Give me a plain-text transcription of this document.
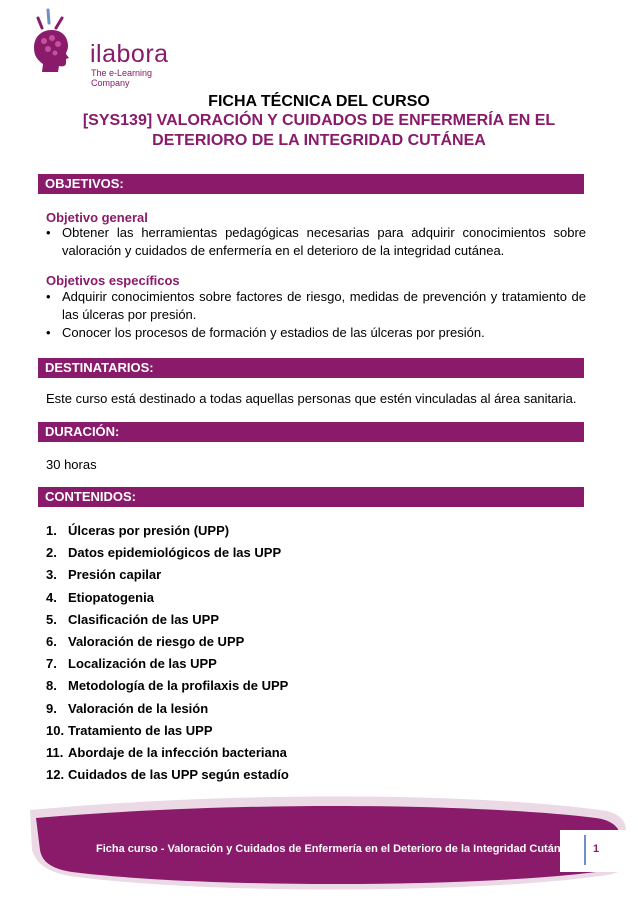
ilabora
The e-Learning Company

FICHA TÉCNICA DEL CURSO

[SYS139] VALORACIÓN Y CUIDADOS DE ENFERMERÍA EN EL

DETERIORO DE LA INTEGRIDAD CUTÁNEA

OBJETIVOS:
Objetivo general
• Obtener las herramientas pedagógicas necesarias para adquirir conocimientos sobre valoración y cuidados de enfermería en el deterioro de la integridad cutánea.
Objetivos específicos
• Adquirir conocimientos sobre factores de riesgo, medidas de prevención y tratamiento de las úlceras por presión.
• Conocer los procesos de formación y estadios de las úlceras por presión.
DESTINATARIOS:
Este curso está destinado a todas aquellas personas que estén vinculadas al área sanitaria.
DURACIÓN:
30 horas
CONTENIDOS:
1. Úlceras por presión (UPP)
2. Datos epidemiológicos de las UPP
3. Presión capilar
4. Etiopatogenia
5. Clasificación de las UPP
6. Valoración de riesgo de UPP
7. Localización de las UPP
8. Metodología de la profilaxis de UPP
9. Valoración de la lesión
10. Tratamiento de las UPP
11. Abordaje de la infección bacteriana
12. Cuidados de las UPP según estadío
Ficha curso - Valoración y Cuidados de Enfermería en el Deterioro de la Integridad Cutánea 1
